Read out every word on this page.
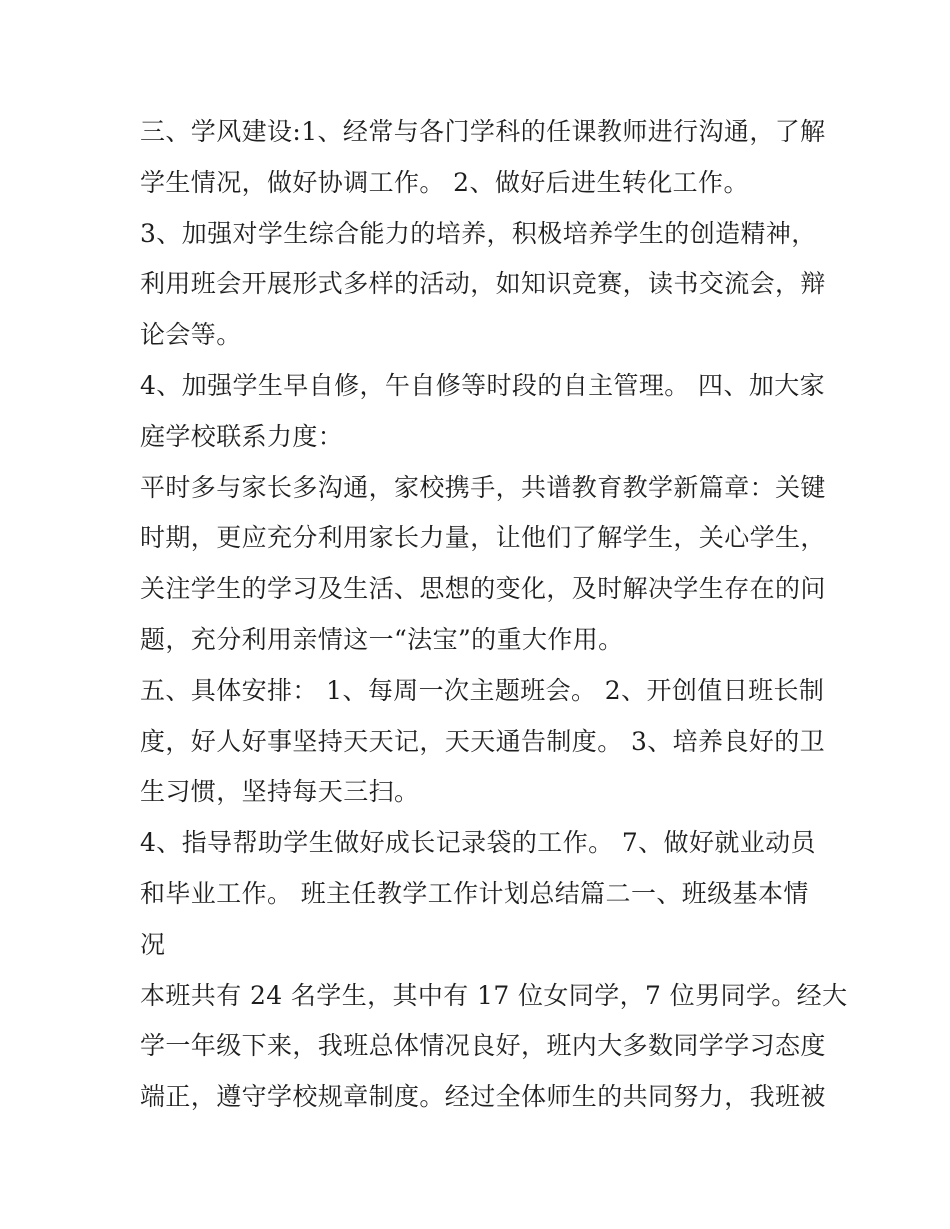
三、学风建设:1、经常与各门学科的任课教师进行沟通，了解
学生情况，做好协调工作。 2、做好后进生转化工作。
3、加强对学生综合能力的培养，积极培养学生的创造精神，
利用班会开展形式多样的活动，如知识竞赛，读书交流会，辩
论会等。
4、加强学生早自修，午自修等时段的自主管理。 四、加大家
庭学校联系力度：
平时多与家长多沟通，家校携手，共谱教育教学新篇章：关键
时期，更应充分利用家长力量，让他们了解学生，关心学生，
关注学生的学习及生活、思想的变化，及时解决学生存在的问
题，充分利用亲情这一“法宝”的重大作用。
五、具体安排： 1、每周一次主题班会。 2、开创值日班长制
度，好人好事坚持天天记，天天通告制度。 3、培养良好的卫
生习惯，坚持每天三扫。
4、指导帮助学生做好成长记录袋的工作。 7、做好就业动员
和毕业工作。 班主任教学工作计划总结篇二一、班级基本情
况
本班共有 24 名学生，其中有 17 位女同学，7 位男同学。经大
学一年级下来，我班总体情况良好，班内大多数同学学习态度
端正，遵守学校规章制度。经过全体师生的共同努力，我班被
